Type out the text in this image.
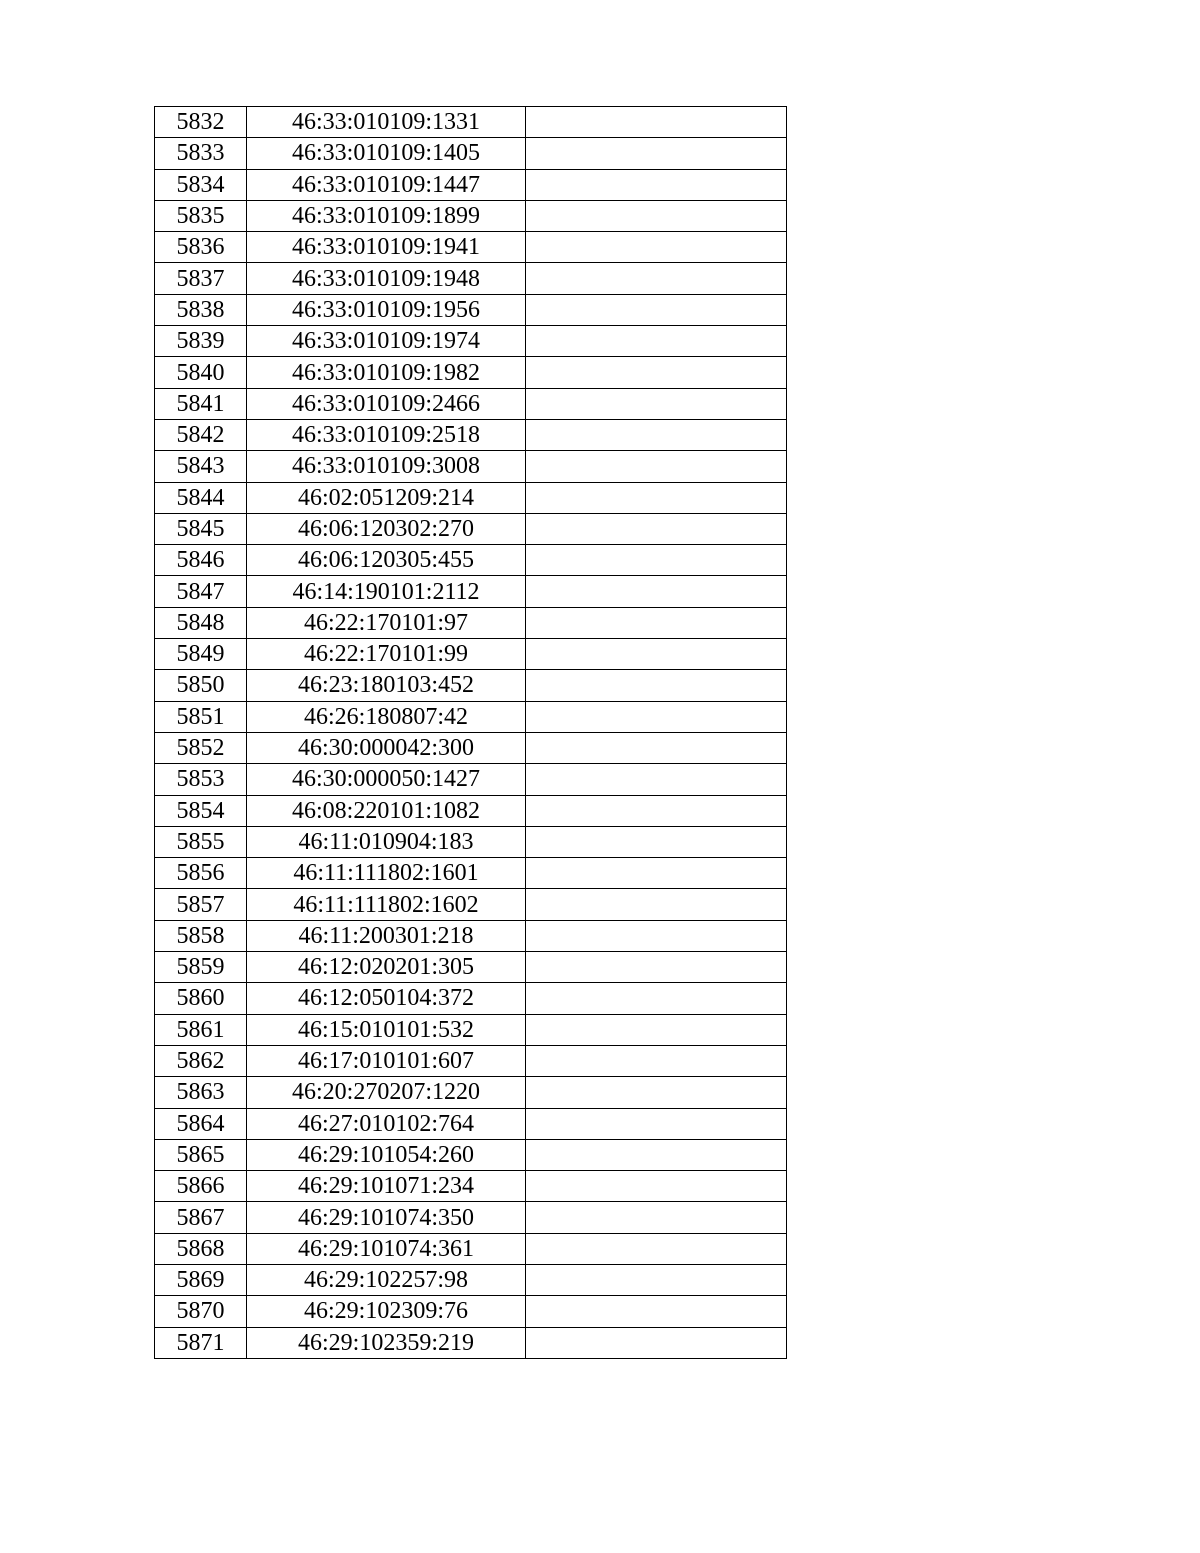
5832	46:33:010109:1331	
5833	46:33:010109:1405	
5834	46:33:010109:1447	
5835	46:33:010109:1899	
5836	46:33:010109:1941	
5837	46:33:010109:1948	
5838	46:33:010109:1956	
5839	46:33:010109:1974	
5840	46:33:010109:1982	
5841	46:33:010109:2466	
5842	46:33:010109:2518	
5843	46:33:010109:3008	
5844	46:02:051209:214	
5845	46:06:120302:270	
5846	46:06:120305:455	
5847	46:14:190101:2112	
5848	46:22:170101:97	
5849	46:22:170101:99	
5850	46:23:180103:452	
5851	46:26:180807:42	
5852	46:30:000042:300	
5853	46:30:000050:1427	
5854	46:08:220101:1082	
5855	46:11:010904:183	
5856	46:11:111802:1601	
5857	46:11:111802:1602	
5858	46:11:200301:218	
5859	46:12:020201:305	
5860	46:12:050104:372	
5861	46:15:010101:532	
5862	46:17:010101:607	
5863	46:20:270207:1220	
5864	46:27:010102:764	
5865	46:29:101054:260	
5866	46:29:101071:234	
5867	46:29:101074:350	
5868	46:29:101074:361	
5869	46:29:102257:98	
5870	46:29:102309:76	
5871	46:29:102359:219	
